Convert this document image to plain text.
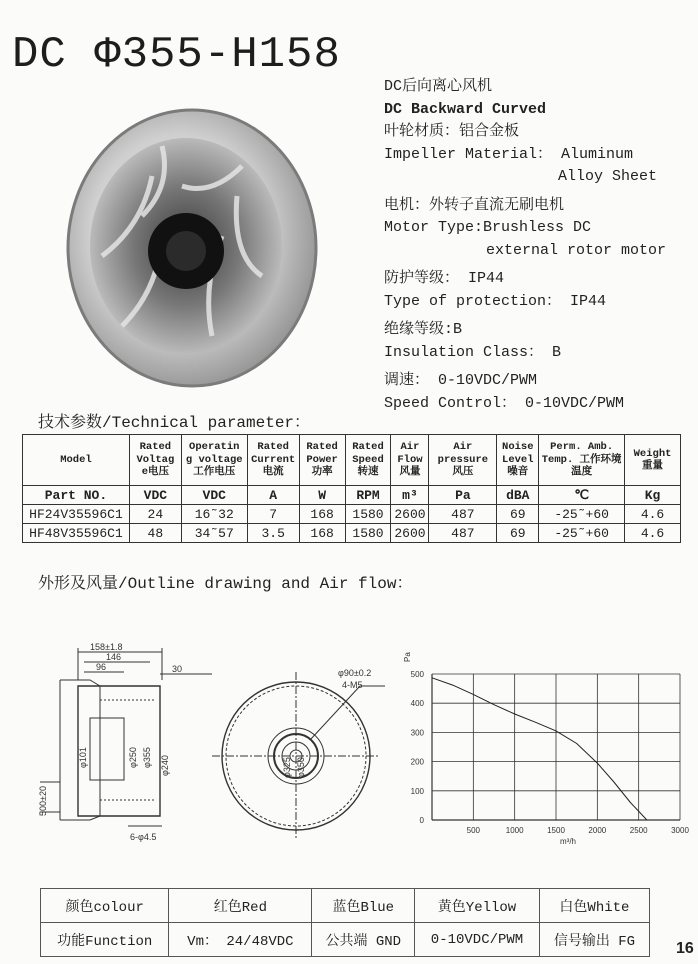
DC Φ355-H158
DC后向离心风机
DC Backward Curved
叶轮材质：铝合金板
Impeller Material： Aluminum
Alloy Sheet
电机：外转子直流无刷电机
Motor Type:Brushless DC
external rotor motor
防护等级： IP44
Type of protection： IP44
绝缘等级:B
Insulation Class： B
调速： 0-10VDC/PWM
Speed Control： 0-10VDC/PWM
技术参数/Technical parameter：
Model	Rated Voltag e电压	Operatin g voltage 工作电压	Rated Current 电流	Rated Power 功率	Rated Speed 转速	Air Flow 风量	Air pressure 风压	Noise Level 噪音	Perm. Amb. Temp. 工作环境温度	Weight 重量
Part NO.	VDC	VDC	A	W	RPM	m³	Pa	dBA	℃	Kg
HF24V35596C1	24	16˜32	7	168	1580	2600	487	69	-25˜+60	4.6
HF48V35596C1	48	34˜57	3.5	168	1580	2600	487	69	-25˜+60	4.6
外形及风量/Outline drawing and Air flow：
158±1.8
146
96
500±20
φ101	φ250 φ355
6-φ4.5
30
φ240
φ90±0.2
4-M5
φ325 φ350
0
100
200
300
400
500
500	1000	1500	2000	2500	3000
Pa
m³/h
颜色colour	红色Red	蓝色Blue	黄色Yellow	白色White
功能Function	Vm： 24/48VDC	公共端 GND	0-10VDC/PWM	信号输出 FG	16
